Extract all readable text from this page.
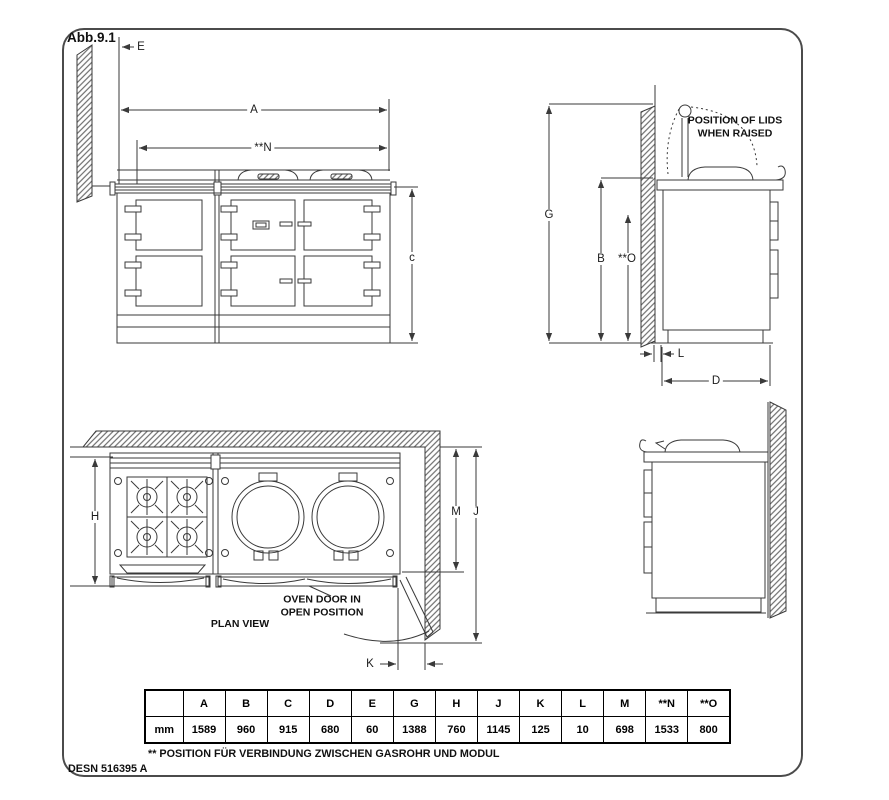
Abb.9.1
E
A
**N
c
G
B **O
L
D
POSITION OF LIDS
WHEN RAISED
H	M J
K
OVEN DOOR IN
OPEN POSITION
PLAN VIEW
	A	B	C	D	E	G	H	J	K	L	M	**N	**O
mm	1589	960	915	680	60	1388	760	1145	125	10	698	1533	800
** POSITION FÜR VERBINDUNG ZWISCHEN GASROHR UND MODUL
DESN 516395 A
